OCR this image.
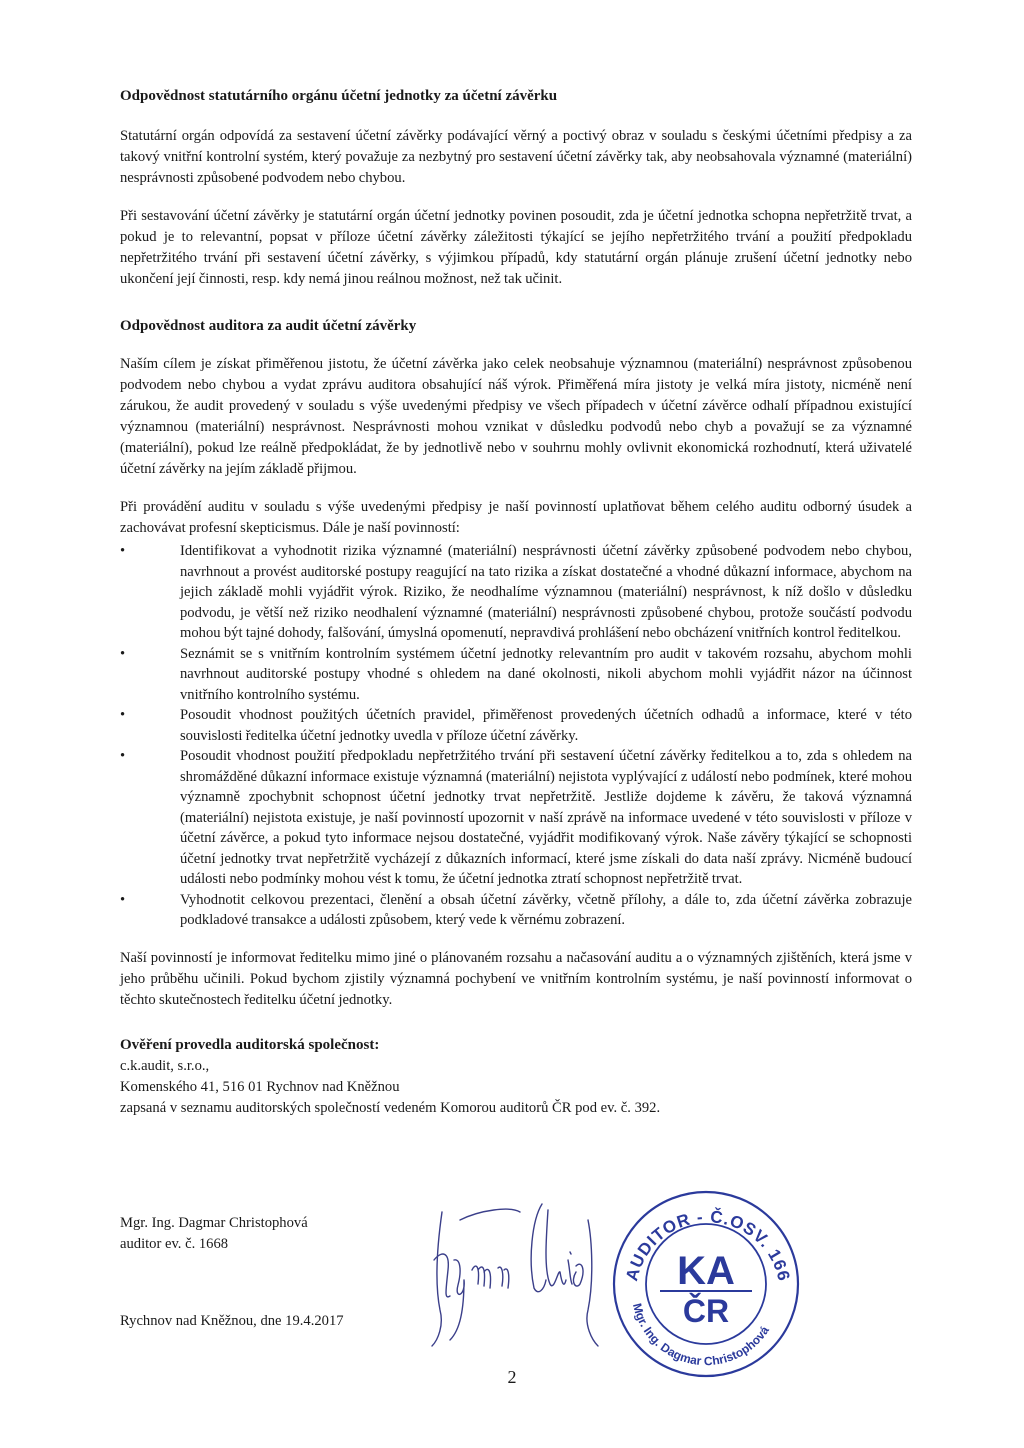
Odpovědnost statutárního orgánu účetní jednotky za účetní závěrku

Statutární orgán odpovídá za sestavení účetní závěrky podávající věrný a poctivý obraz v souladu s českými účetními předpisy a za takový vnitřní kontrolní systém, který považuje za nezbytný pro sestavení účetní závěrky tak, aby neobsahovala významné (materiální) nesprávnosti způsobené podvodem nebo chybou.

Při sestavování účetní závěrky je statutární orgán účetní jednotky povinen posoudit, zda je účetní jednotka schopna nepřetržitě trvat, a pokud je to relevantní, popsat v příloze účetní závěrky záležitosti týkající se jejího nepřetržitého trvání a použití předpokladu nepřetržitého trvání při sestavení účetní závěrky, s výjimkou případů, kdy statutární orgán plánuje zrušení účetní jednotky nebo ukončení její činnosti, resp. kdy nemá jinou reálnou možnost, než tak učinit.

Odpovědnost auditora za audit účetní závěrky

Naším cílem je získat přiměřenou jistotu, že účetní závěrka jako celek neobsahuje významnou (materiální) nesprávnost způsobenou podvodem nebo chybou a vydat zprávu auditora obsahující náš výrok. Přiměřená míra jistoty je velká míra jistoty, nicméně není zárukou, že audit provedený v souladu s výše uvedenými předpisy ve všech případech v účetní závěrce odhalí případnou existující významnou (materiální) nesprávnost. Nesprávnosti mohou vznikat v důsledku podvodů nebo chyb a považují se za významné (materiální), pokud lze reálně předpokládat, že by jednotlivě nebo v souhrnu mohly ovlivnit ekonomická rozhodnutí, která uživatelé účetní závěrky na jejím základě přijmou.

Při provádění auditu v souladu s výše uvedenými předpisy je naší povinností uplatňovat během celého auditu odborný úsudek a zachovávat profesní skepticismus. Dále je naší povinností:

•	Identifikovat a vyhodnotit rizika významné (materiální) nesprávnosti účetní závěrky způsobené podvodem nebo chybou, navrhnout a provést auditorské postupy reagující na tato rizika a získat dostatečné a vhodné důkazní informace, abychom na jejich základě mohli vyjádřit výrok. Riziko, že neodhalíme významnou (materiální) nesprávnost, k níž došlo v důsledku podvodu, je větší než riziko neodhalení významné (materiální) nesprávnosti způsobené chybou, protože součástí podvodu mohou být tajné dohody, falšování, úmyslná opomenutí, nepravdivá prohlášení nebo obcházení vnitřních kontrol ředitelkou.
•	Seznámit se s vnitřním kontrolním systémem účetní jednotky relevantním pro audit v takovém rozsahu, abychom mohli navrhnout auditorské postupy vhodné s ohledem na dané okolnosti, nikoli abychom mohli vyjádřit názor na účinnost vnitřního kontrolního systému.
•	Posoudit vhodnost použitých účetních pravidel, přiměřenost provedených účetních odhadů a informace, které v této souvislosti ředitelka účetní jednotky uvedla v příloze účetní závěrky.
•	Posoudit vhodnost použití předpokladu nepřetržitého trvání při sestavení účetní závěrky ředitelkou a to, zda s ohledem na shromážděné důkazní informace existuje významná (materiální) nejistota vyplývající z událostí nebo podmínek, které mohou významně zpochybnit schopnost účetní jednotky trvat nepřetržitě. Jestliže dojdeme k závěru, že taková významná (materiální) nejistota existuje, je naší povinností upozornit v naší zprávě na informace uvedené v této souvislosti v příloze v účetní závěrce, a pokud tyto informace nejsou dostatečné, vyjádřit modifikovaný výrok. Naše závěry týkající se schopnosti účetní jednotky trvat nepřetržitě vycházejí z důkazních informací, které jsme získali do data naší zprávy. Nicméně budoucí události nebo podmínky mohou vést k tomu, že účetní jednotka ztratí schopnost nepřetržitě trvat.
•	Vyhodnotit celkovou prezentaci, členění a obsah účetní závěrky, včetně přílohy, a dále to, zda účetní závěrka zobrazuje podkladové transakce a události způsobem, který vede k věrnému zobrazení.

Naší povinností je informovat ředitelku mimo jiné o plánovaném rozsahu a načasování auditu a o významných zjištěních, která jsme v jeho průběhu učinili. Pokud bychom zjistily významná pochybení ve vnitřním kontrolním systému, je naší povinností informovat o těchto skutečnostech ředitelku účetní jednotky.

Ověření provedla auditorská společnost:
c.k.audit, s.r.o.,
Komenského 41, 516 01 Rychnov nad Kněžnou
zapsaná v seznamu auditorských společností vedeném Komorou auditorů ČR pod ev. č. 392.
Mgr. Ing. Dagmar Christophová
auditor ev. č. 1668
Rychnov nad Kněžnou, dne 19.4.2017
AUDITOR - Č.OSV. 166
Mgr. Ing. Dagmar Christophová
KA
ČR
2
